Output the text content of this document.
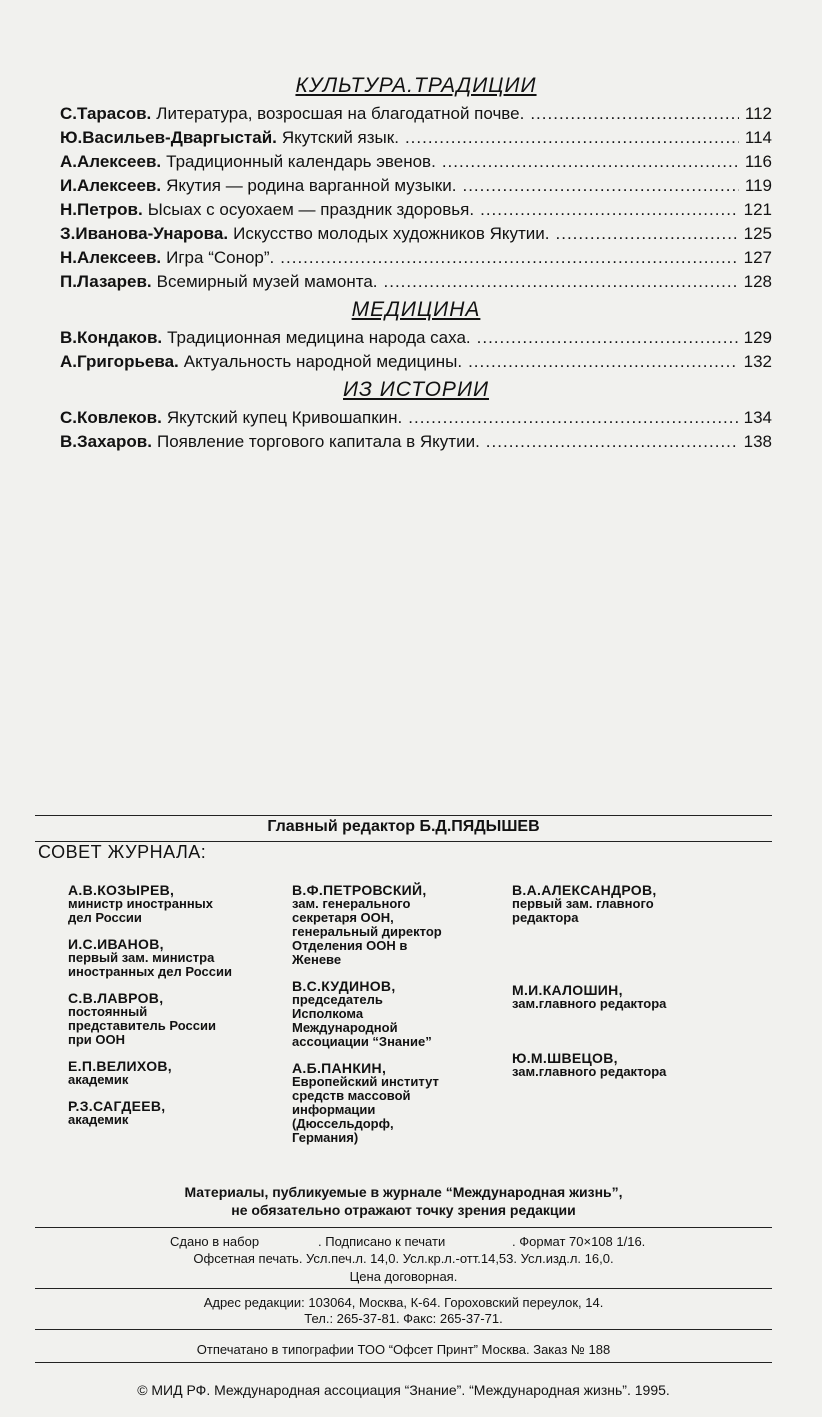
КУЛЬТУРА.ТРАДИЦИИ
С.Тарасов. Литература, возросшая на благодатной почве. .....	112
Ю.Васильев-Дваргыстай. Якутский язык. .....	114
А.Алексеев. Традиционный календарь эвенов. .....	116
И.Алексеев. Якутия — родина варганной музыки. .....	119
Н.Петров. Ысыах с осуохаем — праздник здоровья. .....	121
З.Иванова-Унарова. Искусство молодых художников Якутии. .....	125
Н.Алексеев. Игра “Сонор”. .....	127
П.Лазарев. Всемирный музей мамонта. .....	128
МЕДИЦИНА
В.Кондаков. Традиционная медицина народа саха. .....	129
А.Григорьева. Актуальность народной медицины. .....	132
ИЗ ИСТОРИИ
С.Ковлеков. Якутский купец Кривошапкин. .....	134
В.Захаров. Появление торгового капитала в Якутии. .....	138
Главный редактор Б.Д.ПЯДЫШЕВ
СОВЕТ ЖУРНАЛА:
А.В.КОЗЫРЕВ,
министр иностранных
дел России
И.С.ИВАНОВ,
первый зам. министра
иностранных дел России
С.В.ЛАВРОВ,
постоянный
представитель России
при ООН
Е.П.ВЕЛИХОВ,
академик
Р.З.САГДЕЕВ,
академик
В.Ф.ПЕТРОВСКИЙ,
зам. генерального
секретаря ООН,
генеральный директор
Отделения ООН в
Женеве
В.С.КУДИНОВ,
председатель
Исполкома
Международной
ассоциации “Знание”
А.Б.ПАНКИН,
Европейский институт
средств массовой
информации
(Дюссельдорф,
Германия)
В.А.АЛЕКСАНДРОВ,
первый зам. главного
редактора
М.И.КАЛОШИН,
зам.главного редактора
Ю.М.ШВЕЦОВ,
зам.главного редактора
Материалы, публикуемые в журнале “Международная жизнь”,
не обязательно отражают точку зрения редакции
Сдано в набор	. Подписано к печати	. Формат 70×108 1/16.
Офсетная печать. Усл.печ.л. 14,0. Усл.кр.л.-отт.14,53. Усл.изд.л. 16,0.
Цена договорная.
Адрес редакции: 103064, Москва, К-64. Гороховский переулок, 14.
Тел.: 265-37-81. Факс: 265-37-71.
Отпечатано в типографии ТОО “Офсет Принт” Москва. Заказ № 188
© МИД РФ. Международная ассоциация “Знание”. “Международная жизнь”. 1995.
